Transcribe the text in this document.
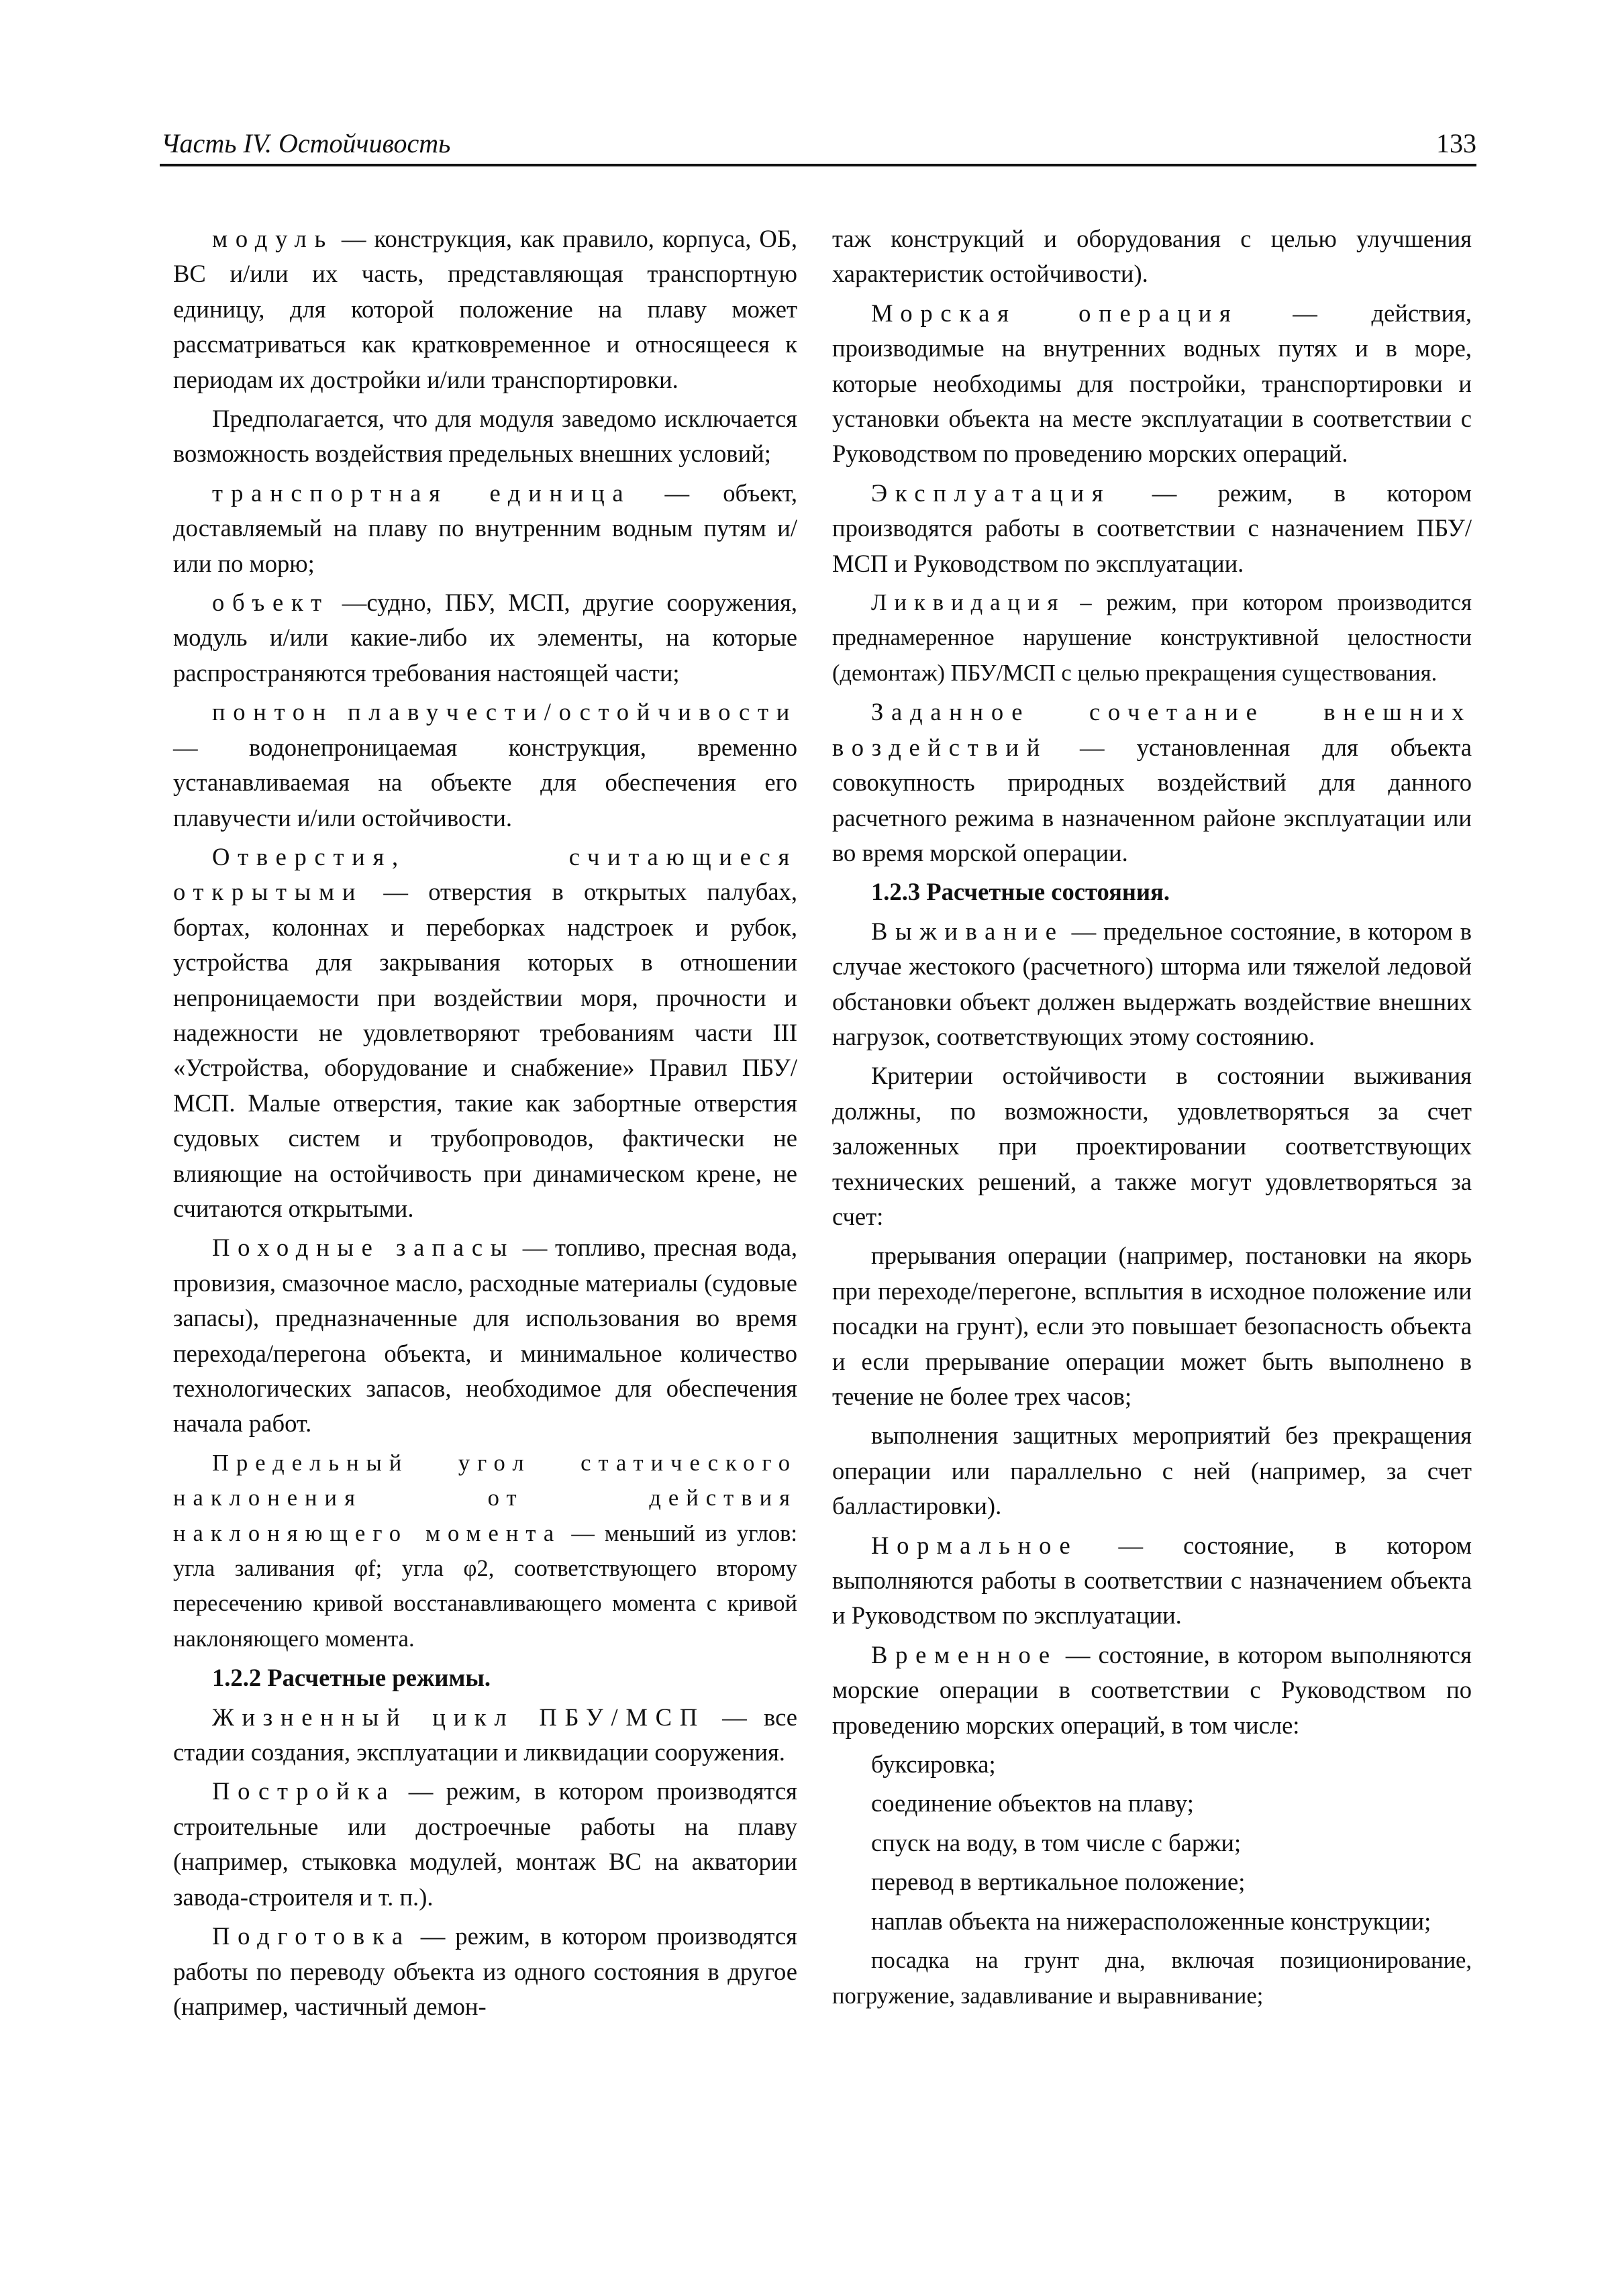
Часть IV. Остойчивость	133

модуль — конструкция, как правило, корпуса, ОБ, ВС и/или их часть, представляющая транспортную единицу, для которой положение на плаву может рассматриваться как кратковременное и относящееся к периодам их достройки и/или транспортировки.

Предполагается, что для модуля заведомо исключается возможность воздействия предельных внешних условий;

транспортная единица — объект, доставляемый на плаву по внутренним водным путям и/или по морю;

объект —судно, ПБУ, МСП, другие сооружения, модуль и/или какие-либо их элементы, на которые распространяются требования настоящей части;

понтон плавучести/остойчивости — водонепроницаемая конструкция, временно устанавливаемая на объекте для обеспечения его плавучести и/или остойчивости.

Отверстия, считающиеся открытыми — отверстия в открытых палубах, бортах, колоннах и переборках надстроек и рубок, устройства для закрывания которых в отношении непроницаемости при воздействии моря, прочности и надежности не удовлетворяют требованиям части III «Устройства, оборудование и снабжение» Правил ПБУ/МСП. Малые отверстия, такие как забортные отверстия судовых систем и трубопроводов, фактически не влияющие на остойчивость при динамическом крене, не считаются открытыми.

Походные запасы — топливо, пресная вода, провизия, смазочное масло, расходные материалы (судовые запасы), предназначенные для использования во время перехода/перегона объекта, и минимальное количество технологических запасов, необходимое для обеспечения начала работ.

Предельный угол статического наклонения от действия наклоняющего момента — меньший из углов: угла заливания φf; угла φ2, соответствующего второму пересечению кривой восстанавливающего момента с кривой наклоняющего момента.

1.2.2 Расчетные режимы.

Жизненный цикл ПБУ/МСП — все стадии создания, эксплуатации и ликвидации сооружения.

Постройка — режим, в котором производятся строительные или достроечные работы на плаву (например, стыковка модулей, монтаж ВС на акватории завода-строителя и т. п.).

Подготовка — режим, в котором производятся работы по переводу объекта из одного состояния в другое (например, частичный демон-

таж конструкций и оборудования с целью улучшения характеристик остойчивости).

Морская операция — действия, производимые на внутренних водных путях и в море, которые необходимы для постройки, транспортировки и установки объекта на месте эксплуатации в соответствии с Руководством по проведению морских операций.

Эксплуатация — режим, в котором производятся работы в соответствии с назначением ПБУ/МСП и Руководством по эксплуатации.

Ликвидация – режим, при котором производится преднамеренное нарушение конструктивной целостности (демонтаж) ПБУ/МСП с целью прекращения существования.

Заданное сочетание внешних воздействий — установленная для объекта совокупность природных воздействий для данного расчетного режима в назначенном районе эксплуатации или во время морской операции.

1.2.3 Расчетные состояния.

Выживание — предельное состояние, в котором в случае жестокого (расчетного) шторма или тяжелой ледовой обстановки объект должен выдержать воздействие внешних нагрузок, соответствующих этому состоянию.

Критерии остойчивости в состоянии выживания должны, по возможности, удовлетворяться за счет заложенных при проектировании соответствующих технических решений, а также могут удовлетворяться за счет:

прерывания операции (например, постановки на якорь при переходе/перегоне, всплытия в исходное положение или посадки на грунт), если это повышает безопасность объекта и если прерывание операции может быть выполнено в течение не более трех часов;

выполнения защитных мероприятий без прекращения операции или параллельно с ней (например, за счет балластировки).

Нормальное — состояние, в котором выполняются работы в соответствии с назначением объекта и Руководством по эксплуатации.

Временное — состояние, в котором выполняются морские операции в соответствии с Руководством по проведению морских операций, в том числе:

буксировка;

соединение объектов на плаву;

спуск на воду, в том числе с баржи;

перевод в вертикальное положение;

наплав объекта на нижерасположенные конструкции;

посадка на грунт дна, включая позиционирование, погружение, задавливание и выравнивание;
